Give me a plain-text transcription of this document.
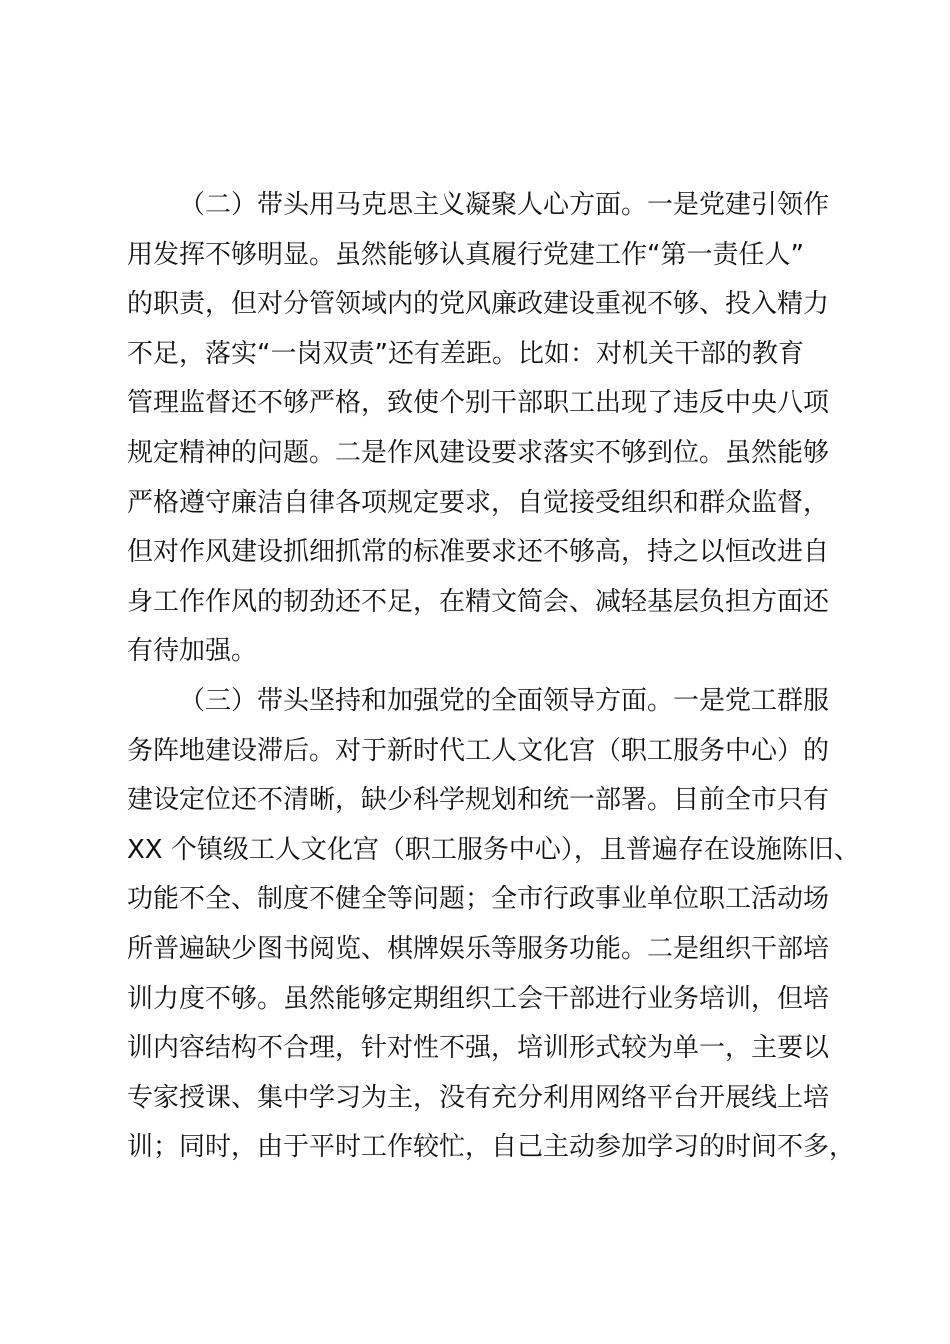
（二）带头用马克思主义凝聚人心方面。一是党建引领作
用发挥不够明显。虽然能够认真履行党建工作“第一责任人”
的职责，但对分管领域内的党风廉政建设重视不够、投入精力
不足，落实“一岗双责”还有差距。比如：对机关干部的教育
管理监督还不够严格，致使个别干部职工出现了违反中央八项
规定精神的问题。二是作风建设要求落实不够到位。虽然能够
严格遵守廉洁自律各项规定要求，自觉接受组织和群众监督，
但对作风建设抓细抓常的标准要求还不够高，持之以恒改进自
身工作作风的韧劲还不足，在精文简会、减轻基层负担方面还
有待加强。
（三）带头坚持和加强党的全面领导方面。一是党工群服
务阵地建设滞后。对于新时代工人文化宫（职工服务中心）的
建设定位还不清晰，缺少科学规划和统一部署。目前全市只有
XX 个镇级工人文化宫（职工服务中心），且普遍存在设施陈旧、
功能不全、制度不健全等问题；全市行政事业单位职工活动场
所普遍缺少图书阅览、棋牌娱乐等服务功能。二是组织干部培
训力度不够。虽然能够定期组织工会干部进行业务培训，但培
训内容结构不合理，针对性不强，培训形式较为单一，主要以
专家授课、集中学习为主，没有充分利用网络平台开展线上培
训；同时，由于平时工作较忙，自己主动参加学习的时间不多，
